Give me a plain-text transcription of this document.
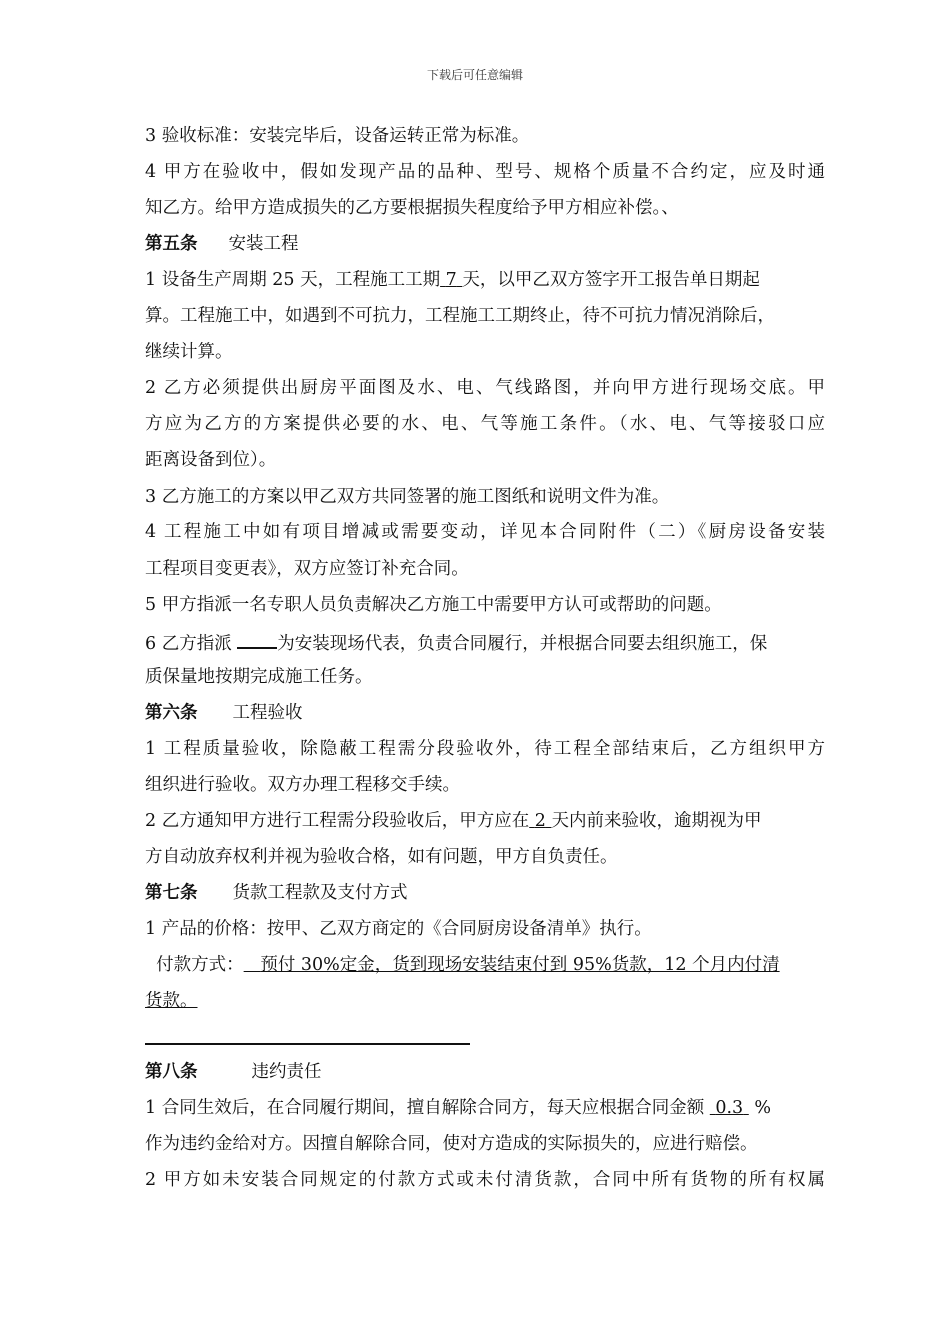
下载后可任意编辑
3 验收标准：安装完毕后，设备运转正常为标准。
4 甲方在验收中，假如发现产品的品种、型号、规格个质量不合约定，应及时通
知乙方。给甲方造成损失的乙方要根据损失程度给予甲方相应补偿。、
第五条 安装工程
1 设备生产周期 25 天，工程施工工期 7 天，以甲乙双方签字开工报告单日期起
算。工程施工中，如遇到不可抗力，工程施工工期终止，待不可抗力情况消除后，
继续计算。
2 乙方必须提供出厨房平面图及水、电、气线路图，并向甲方进行现场交底。甲
方应为乙方的方案提供必要的水、电、气等施工条件。（水、电、气等接驳口应
距离设备到位）。
3 乙方施工的方案以甲乙双方共同签署的施工图纸和说明文件为准。
4 工程施工中如有项目增减或需要变动，详见本合同附件（二）《厨房设备安装
工程项目变更表》，双方应签订补充合同。
5 甲方指派一名专职人员负责解决乙方施工中需要甲方认可或帮助的问题。
6 乙方指派	为安装现场代表，负责合同履行，并根据合同要去组织施工，保
质保量地按期完成施工任务。
第六条 工程验收
1 工程质量验收，除隐蔽工程需分段验收外，待工程全部结束后，乙方组织甲方
组织进行验收。双方办理工程移交手续。
2 乙方通知甲方进行工程需分段验收后，甲方应在 2 天内前来验收，逾期视为甲
方自动放弃权利并视为验收合格，如有问题，甲方自负责任。
第七条 货款工程款及支付方式
1 产品的价格：按甲、乙双方商定的《合同厨房设备清单》执行。
付款方式： 预付 30%定金，货到现场安装结束付到 95%货款，12 个月内付清
货款。
第八条	违约责任
1 合同生效后，在合同履行期间，擅自解除合同方，每天应根据合同金额 0.3 %
作为违约金给对方。因擅自解除合同，使对方造成的实际损失的，应进行赔偿。
2 甲方如未安装合同规定的付款方式或未付清货款，合同中所有货物的所有权属
